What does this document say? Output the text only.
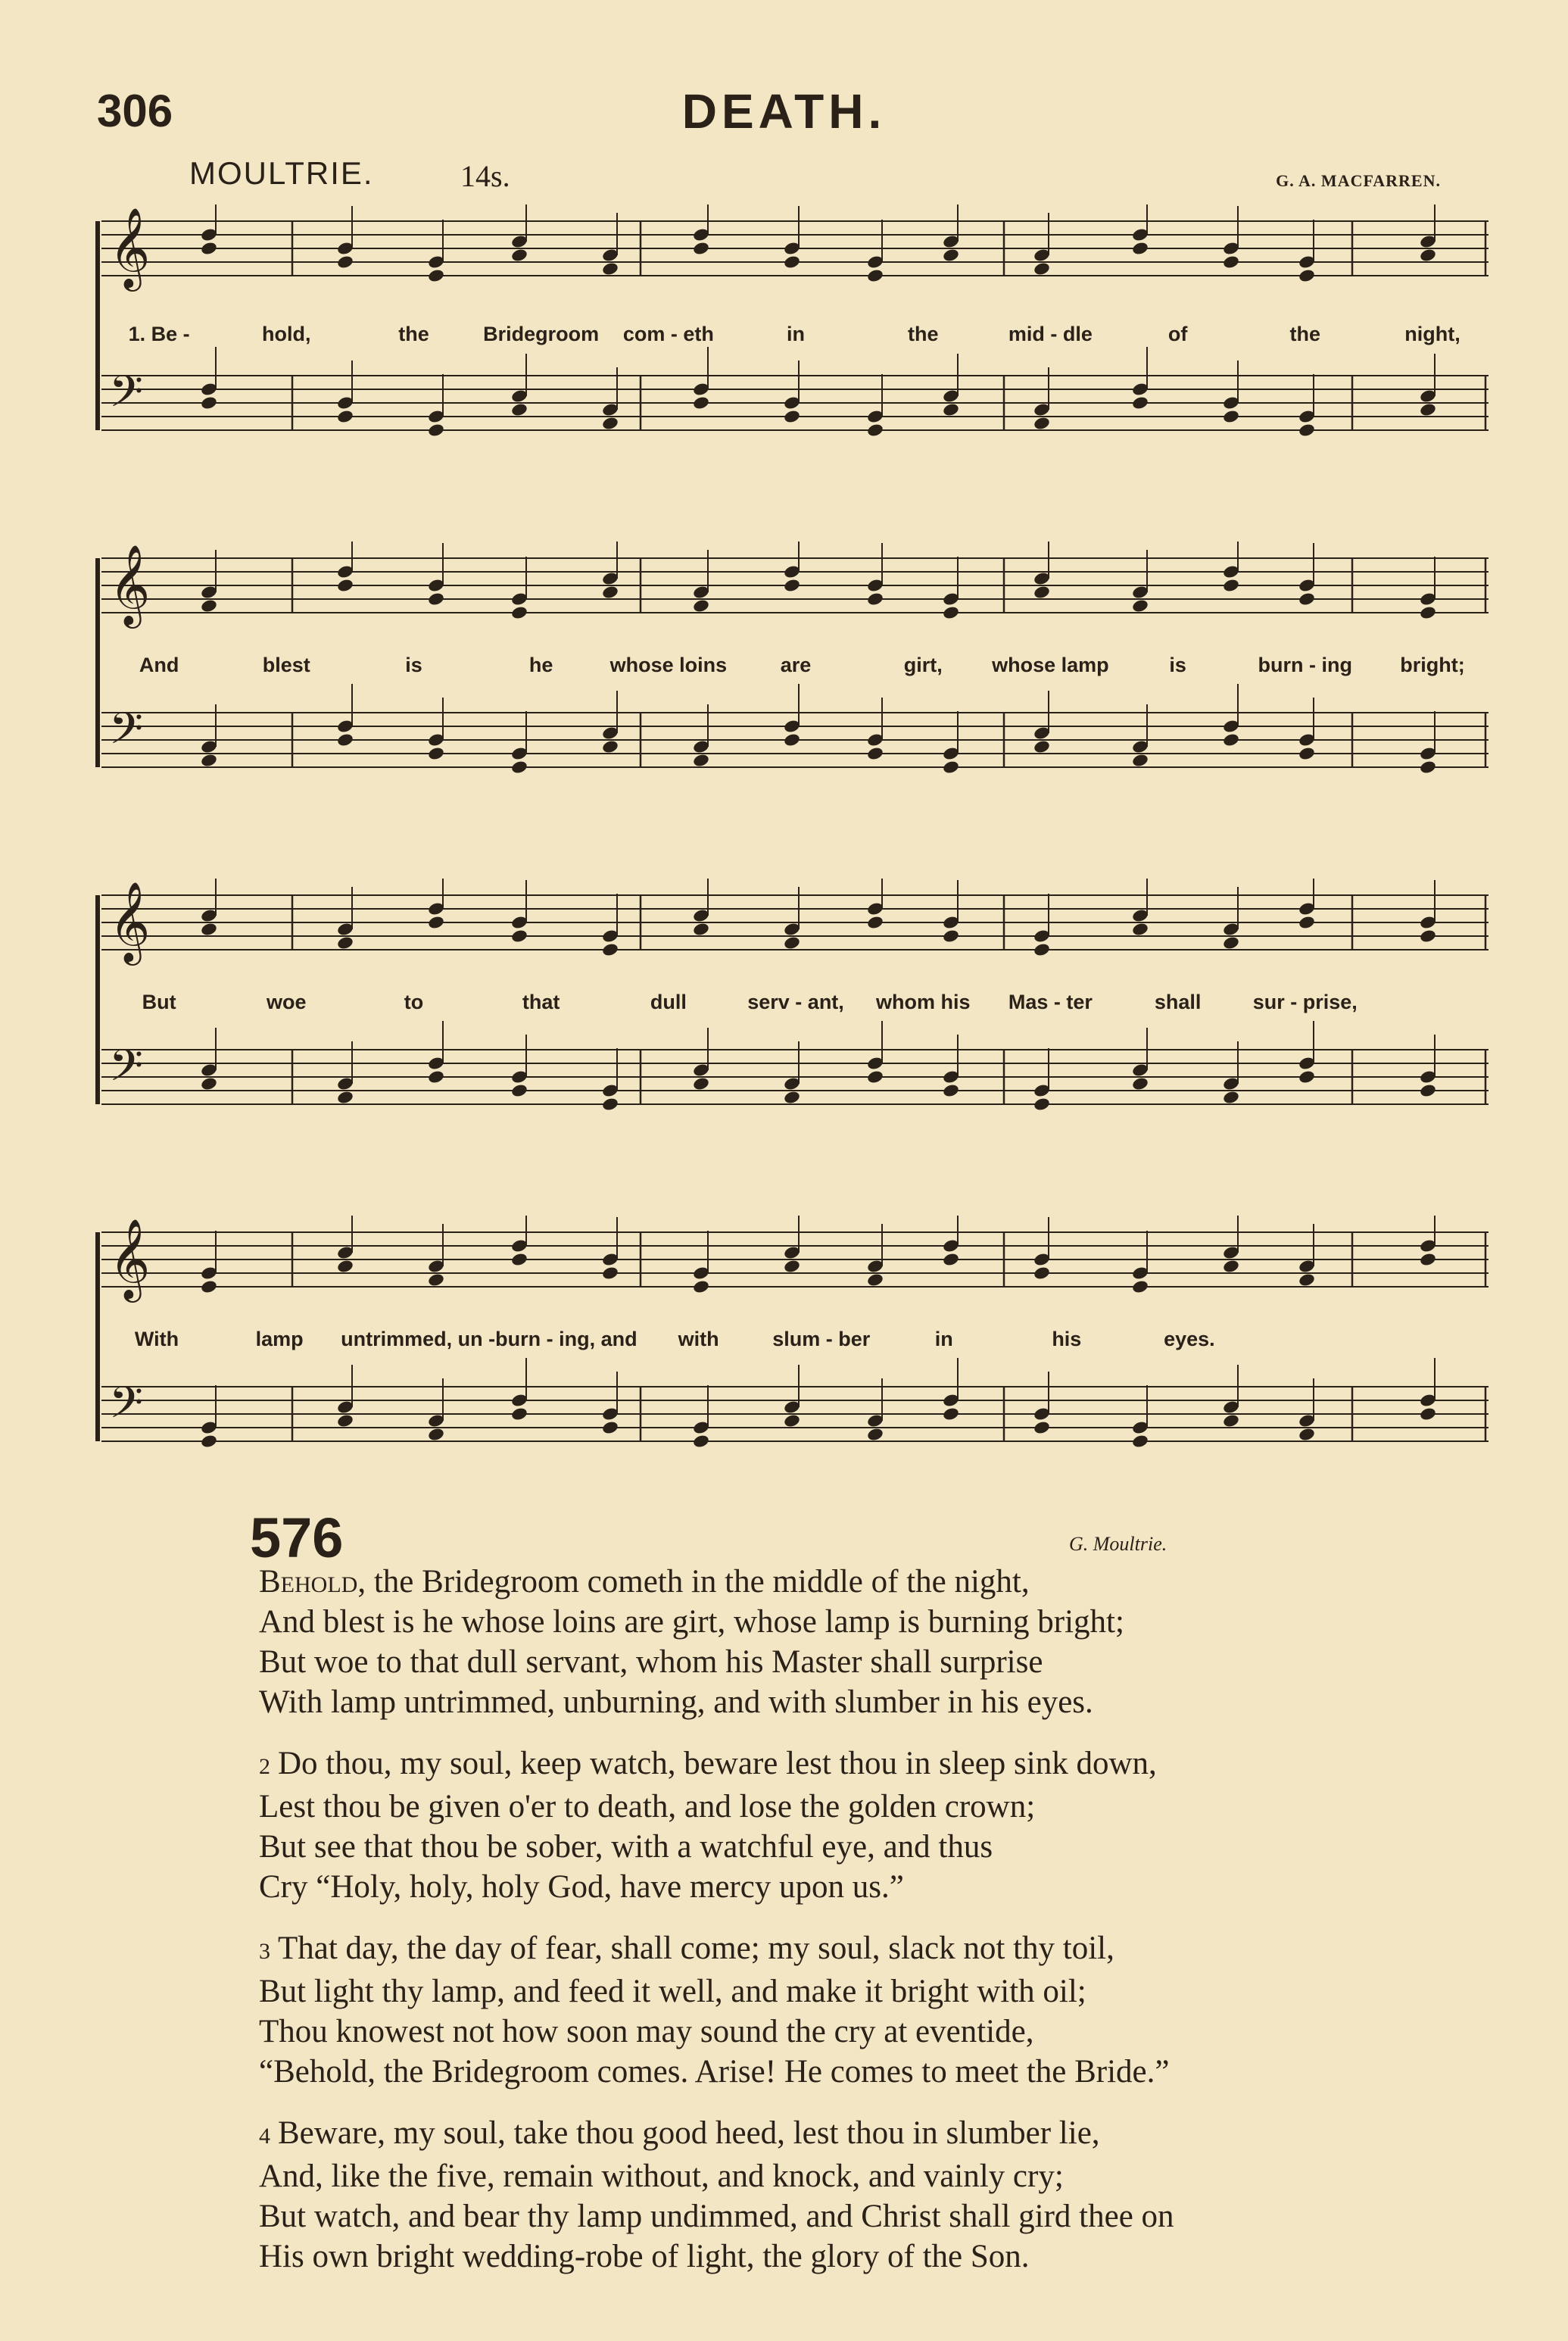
306	DEATH.
MOULTRIE.	14s.	G. A. MACFARREN.
𝄞
𝄢
1. Be -	hold,	the	Bridegroom	com - eth	in	the	mid - dle	of	the	night,
𝄞
𝄢
And	blest	is	he	whose loins	are	girt,	whose lamp	is	burn - ing	bright;
𝄞
𝄢
But	woe	to	that	dull	serv - ant,	whom his	Mas - ter	shall	sur - prise,
𝄞
𝄢
With	lamp	untrimmed, un - burn - ing, and	with	slum - ber	in	his	eyes.
576	G. Moultrie.
Behold, the Bridegroom cometh in the middle of the night,
And blest is he whose loins are girt, whose lamp is burning bright;
But woe to that dull servant, whom his Master shall surprise
With lamp untrimmed, unburning, and with slumber in his eyes.
2 Do thou, my soul, keep watch, beware lest thou in sleep sink down,
Lest thou be given o'er to death, and lose the golden crown;
But see that thou be sober, with a watchful eye, and thus
Cry “Holy, holy, holy God, have mercy upon us.”
3 That day, the day of fear, shall come; my soul, slack not thy toil,
But light thy lamp, and feed it well, and make it bright with oil;
Thou knowest not how soon may sound the cry at eventide,
“Behold, the Bridegroom comes. Arise! He comes to meet the Bride.”
4 Beware, my soul, take thou good heed, lest thou in slumber lie,
And, like the five, remain without, and knock, and vainly cry;
But watch, and bear thy lamp undimmed, and Christ shall gird thee on
His own bright wedding-robe of light, the glory of the Son.
